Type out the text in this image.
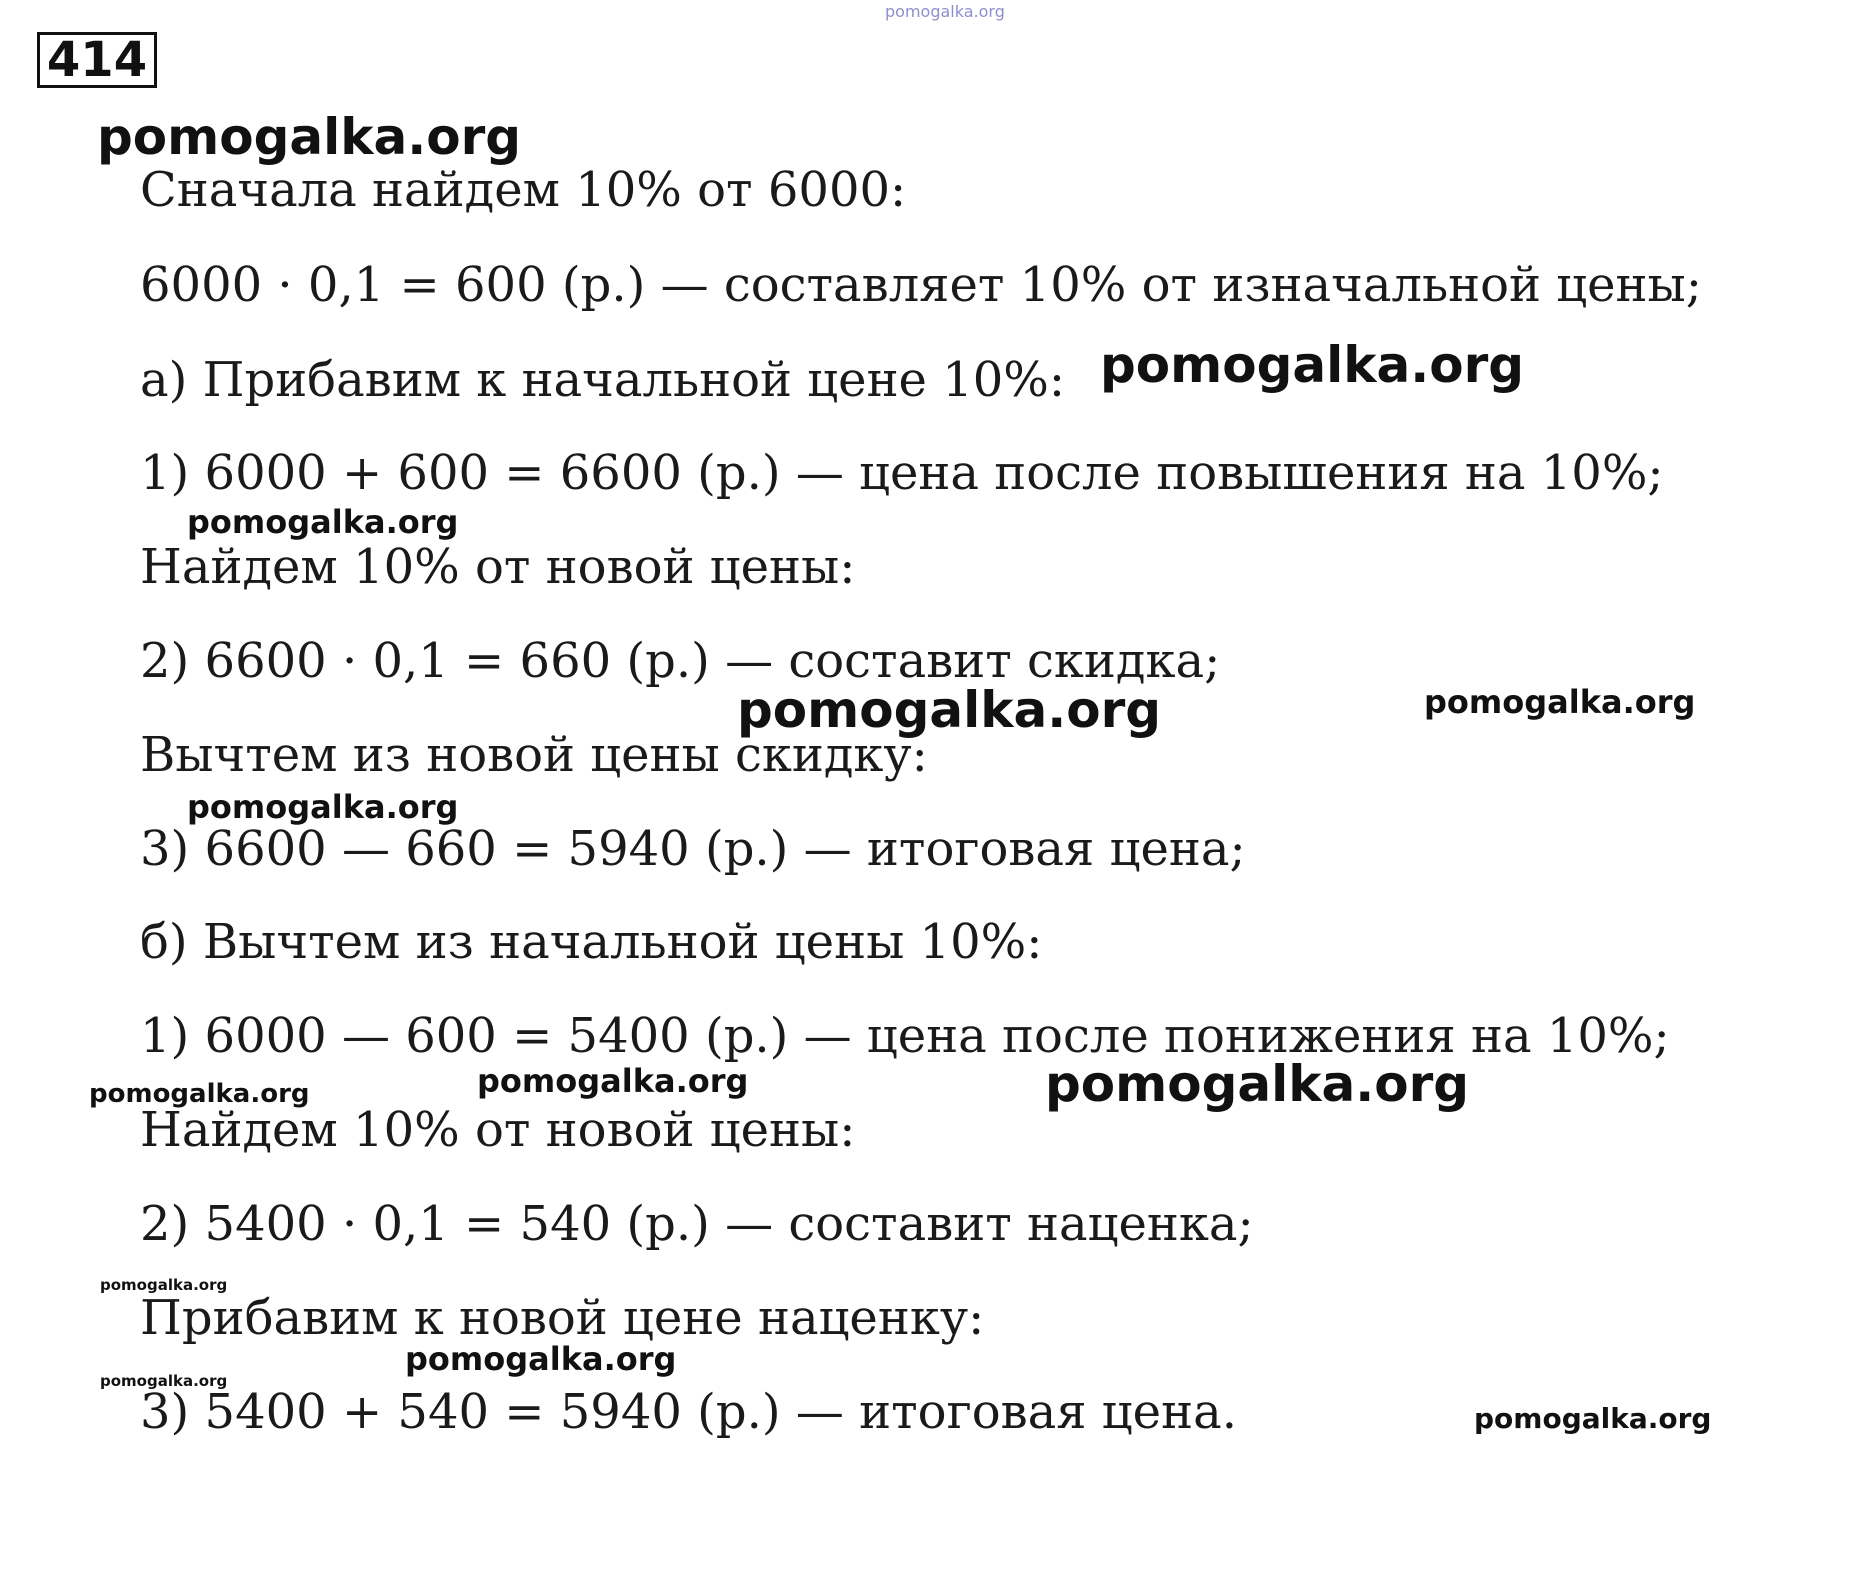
414
Сначала найдем 10% от 6000:
6000 · 0,1 = 600 (р.) — составляет 10% от изначальной цены;
а) Прибавим к начальной цене 10%:
1) 6000 + 600 = 6600 (р.) — цена после повышения на 10%;
Найдем 10% от новой цены:
2) 6600 · 0,1 = 660 (р.) — составит скидка;
Вычтем из новой цены скидку:
3) 6600 — 660 = 5940 (р.) — итоговая цена;
б) Вычтем из начальной цены 10%:
1) 6000 — 600 = 5400 (р.) — цена после понижения на 10%;
Найдем 10% от новой цены:
2) 5400 · 0,1 = 540 (р.) — составит наценка;
Прибавим к новой цене наценку:
3) 5400 + 540 = 5940 (р.) — итоговая цена.
pomogalka.org
pomogalka.org
pomogalka.org
pomogalka.org
pomogalka.org	pomogalka.org
pomogalka.org
pomogalka.org	pomogalka.org	pomogalka.org
pomogalka.org
pomogalka.org
pomogalka.org
pomogalka.org
